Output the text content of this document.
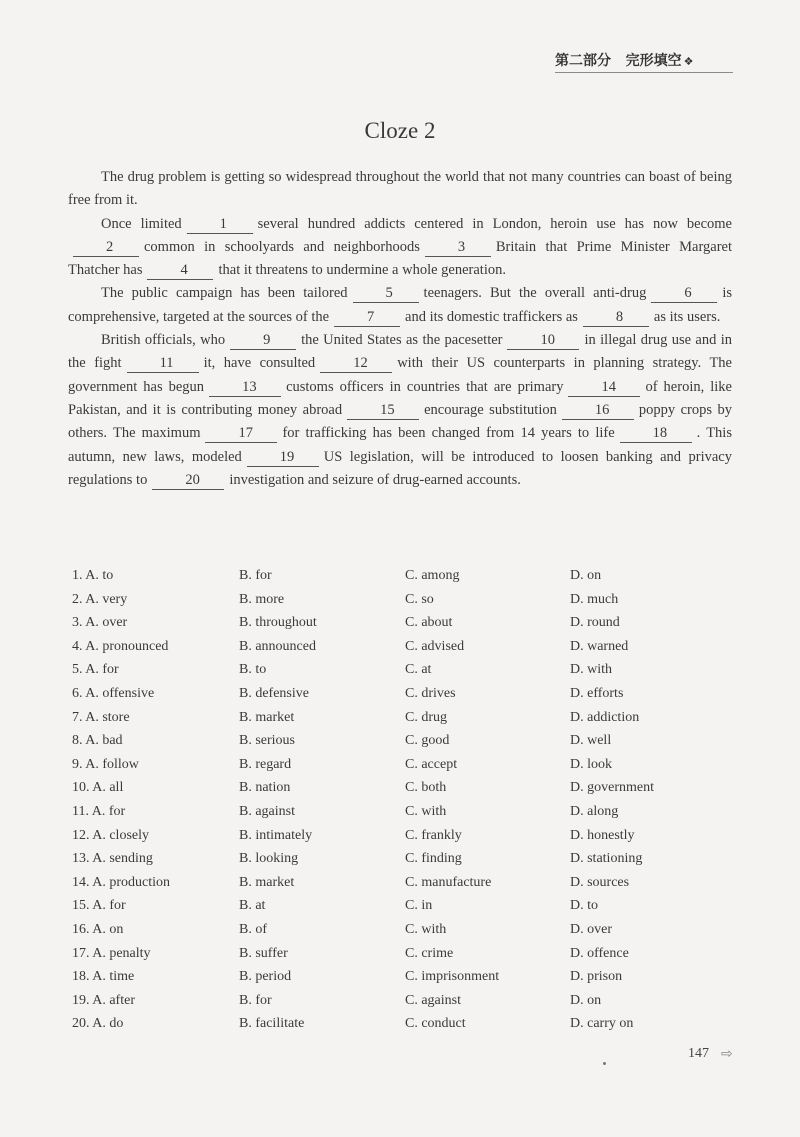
第二部分 完形填空 ❖
Cloze 2

The drug problem is getting so widespread throughout the world that not many countries can boast of being free from it.

Once limited	1 several hundred addicts centered in London, heroin use has now become2 common in schoolyards and neighborhoods	3 Britain that Prime Minister Margaret Thatcher has	4 that it threatens to undermine a whole generation.

The public campaign has been tailored	5 teenagers. But the overall anti-drug	6 is comprehensive, targeted at the sources of the	7 and its domestic traffickers as	8 as its users.

British officials, who	9 the United States as the pacesetter	10 in illegal drug use and in the fight	11 it, have consulted	12 with their US counterparts in planning strategy. The government has begun	13 customs officers in countries that are primary	14 of heroin, like Pakistan, and it is contributing money abroad	15 encourage substitution	16 poppy crops by others. The maximum	17 for trafficking has been changed from 14 years to life	18 . This autumn, new laws, modeled	19 US legislation, will be introduced to loosen banking and privacy regulations to	20 investigation and seizure of drug-earned accounts.

1. A. to	B. for	C. among	D. on
2. A. very	B. more	C. so	D. much
3. A. over	B. throughout	C. about	D. round
4. A. pronounced	B. announced	C. advised	D. warned
5. A. for	B. to	C. at	D. with
6. A. offensive	B. defensive	C. drives	D. efforts
7. A. store	B. market	C. drug	D. addiction
8. A. bad	B. serious	C. good	D. well
9. A. follow	B. regard	C. accept	D. look
10. A. all	B. nation	C. both	D. government
11. A. for	B. against	C. with	D. along
12. A. closely	B. intimately	C. frankly	D. honestly
13. A. sending	B. looking	C. finding	D. stationing
14. A. production	B. market	C. manufacture	D. sources
15. A. for	B. at	C. in	D. to
16. A. on	B. of	C. with	D. over
17. A. penalty	B. suffer	C. crime	D. offence
18. A. time	B. period	C. imprisonment	D. prison
19. A. after	B. for	C. against	D. on
20. A. do	B. facilitate	C. conduct	D. carry on
147 ⇨
